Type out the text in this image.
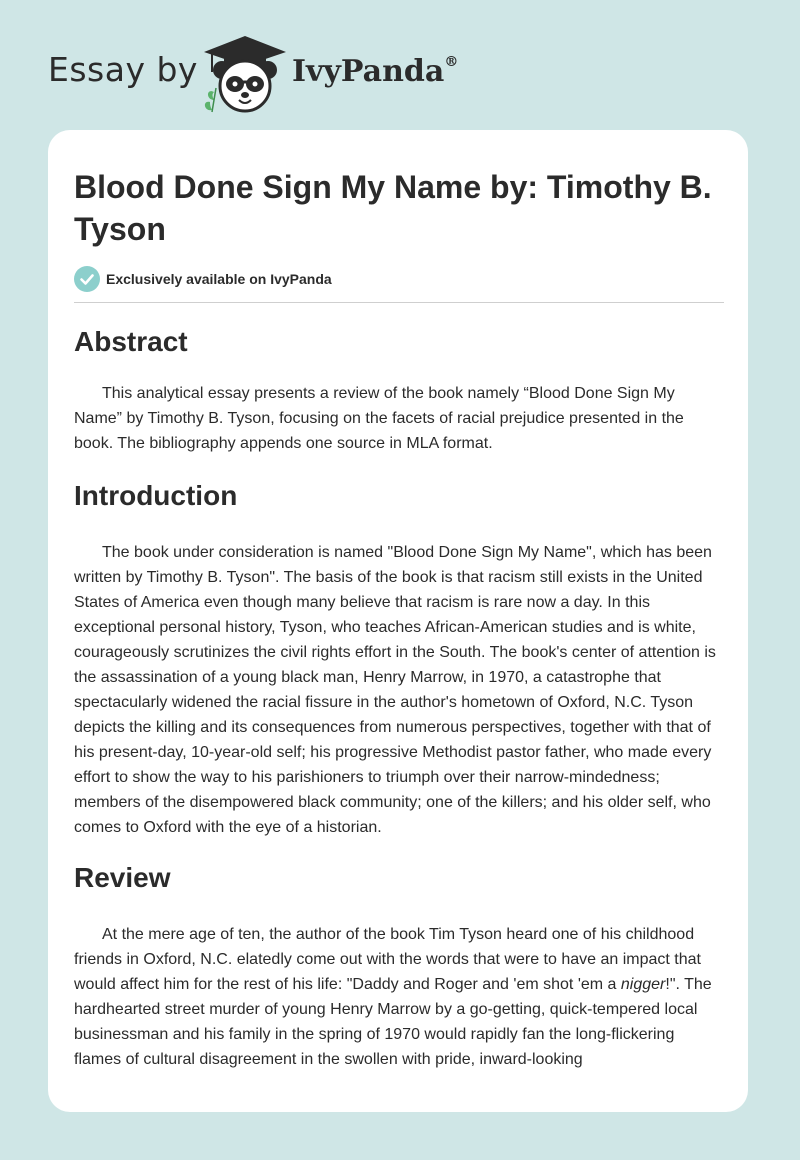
Essay by	IvyPanda®
Blood Done Sign My Name by: Timothy B. Tyson
Exclusively available on IvyPanda
Abstract

This analytical essay presents a review of the book namely “Blood Done Sign My Name” by Timothy B. Tyson, focusing on the facets of racial prejudice presented in the book. The bibliography appends one source in MLA format.

Introduction

The book under consideration is named "Blood Done Sign My Name", which has been written by Timothy B. Tyson". The basis of the book is that racism still exists in the United States of America even though many believe that racism is rare now a day. In this exceptional personal history, Tyson, who teaches African-American studies and is white, courageously scrutinizes the civil rights effort in the South. The book's center of attention is the assassination of a young black man, Henry Marrow, in 1970, a catastrophe that spectacularly widened the racial fissure in the author's hometown of Oxford, N.C. Tyson depicts the killing and its consequences from numerous perspectives, together with that of his present-day, 10-year-old self; his progressive Methodist pastor father, who made every effort to show the way to his parishioners to triumph over their narrow-mindedness; members of the disempowered black community; one of the killers; and his older self, who comes to Oxford with the eye of a historian.

Review

At the mere age of ten, the author of the book Tim Tyson heard one of his childhood friends in Oxford, N.C. elatedly come out with the words that were to have an impact that would affect him for the rest of his life: "Daddy and Roger and 'em shot 'em a nigger!". The hardhearted street murder of young Henry Marrow by a go-getting, quick-tempered local businessman and his family in the spring of 1970 would rapidly fan the long-flickering flames of cultural disagreement in the swollen with pride, inward-looking
